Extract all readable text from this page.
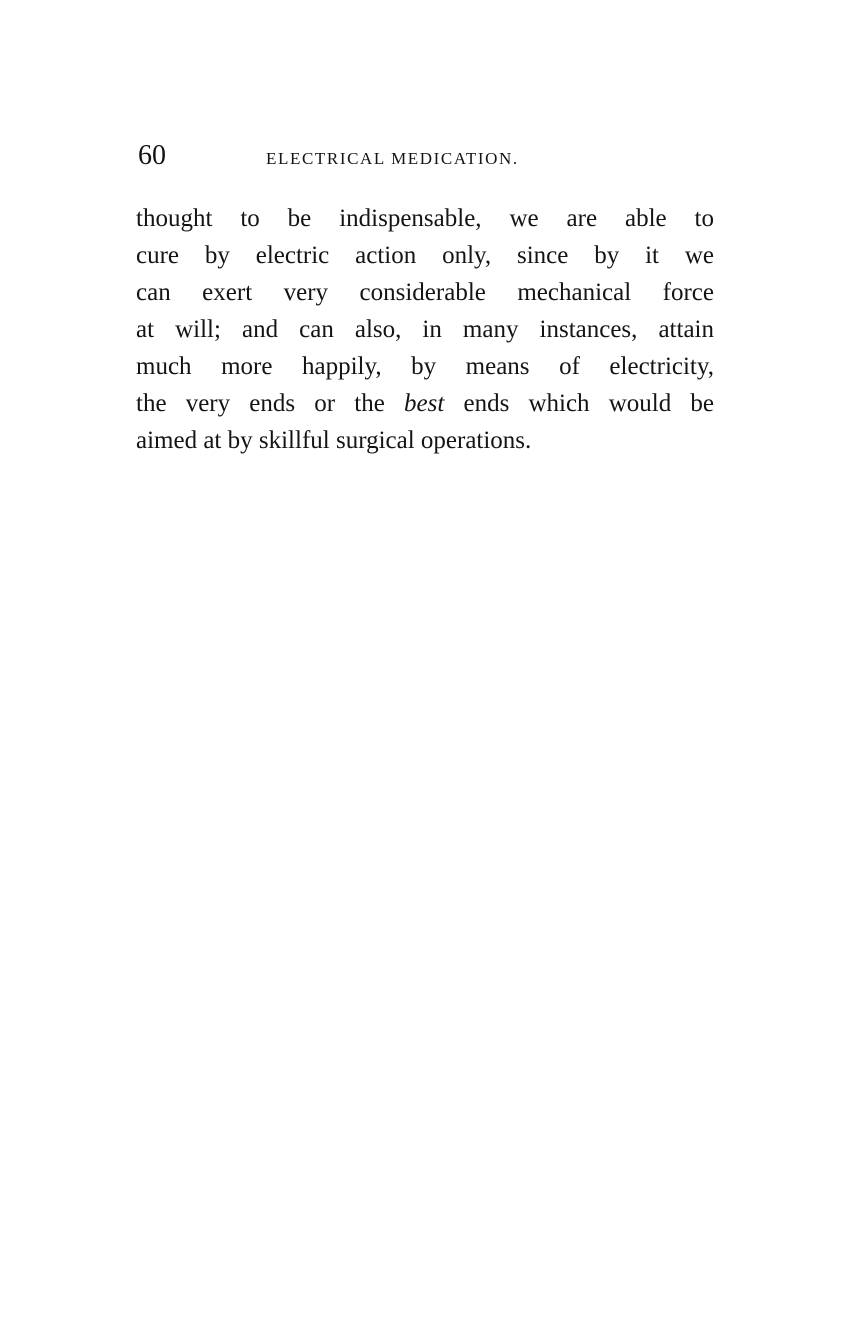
60	ELECTRICAL MEDICATION.
thought to be indispensable, we are able to
cure by electric action only, since by it we
can exert very considerable mechanical force
at will; and can also, in many instances, attain
much more happily, by means of electricity,
the very ends or the best ends which would be
aimed at by skillful surgical operations.
